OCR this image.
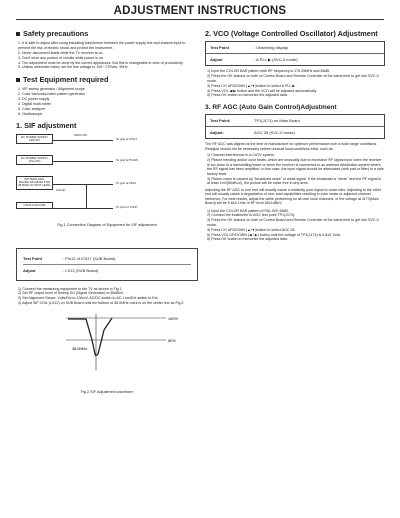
ADJUSTMENT INSTRUCTIONS
Safety precautions
1. It is safe to adjust after using insulating transformer between the power supply line and chassis input to prevent the risk of electric shock and protect the instrument.
2. Never disconnect leads while the TV receiver is on.
3. Don't short any portion of circuits while power is on.
4. The adjustment must be done by the correct appliances. But this is changeable in view of productivity.
5. Unless otherwise noted, set the line voltage to 100~ 270Vac, 50Hz.
Test Equipment required
1. VIF sweep generator / Alignment scope
2. Color bar/cross-hatch pattern generator
3. DC power supply
4. Digital multi-meter
5. Color analyzer
6. Oscilloscope
1. SIF adjustment
DC POWER SUPPLY ADJUST
DC POWER SUPPLY 12V(+5V)
PATTERN GEN. PAL/BG,DK,I38.9M 5.5M 38.9MHz OUTPUT LEVEL
OSCILLOSCOPE
10KΩ 1W
To gnd of IC517
To gnd of P1015
To gnd of 2514
0.01uF
To pin2 of IC517
Fig.1 Connection Diagram of Equipment for SIF adjustment
Test Point	: Pin12 of IC517 (SUB Board)
Adjust	: LS12 (SUB Board)
1) Connect the measuring equipment to the TV as shown in Fig.1.
2) Set RF output level of Sweep SG (Signal Generator) to 85dBuV.
3) Set Alignment Scope, Volts/Div to 100mV, AC/DC switch to AC, Line/Ext switch to Ext.
4) Adjust SIF COIL (LS12) on SUB Board until the bottom of 38.0MHz mark is on the center line as Fig.2
100%
50%
38.0MHz
Fig.2 SIF Adjustment waveform
2. VCO (Voltage Controlled Oscillator) Adjustment
Test Point	: Observing display
Adjust	: A.PLL ▶ (SVC-0 mode)
1) Input the COLOR BAR pattern with RF frequency is 175.25MHz and 65dB.
2) Press the OK buttons on both of Control Board and Remote Controller at the same time to get into SVC-0 mode.
3) Press CH UP/DOWN (▲/▼)button to select A.PLL ▶ .
4) Press VOL ◀/▶ button and the VCO will be adjusted automatically.
5) Press OK button to memorize the adjusted data.
3. RF AGC (Auto Gain Control)Adjustment
Test Point:	TP1(J173) on Main Board
Adjust:	AGC 28 (SVC-0 mode)

The RF AGC was aligned at the time of manufacture for optimum performance over a wide range conditions. Readjust should not be necessary unless unusual local conditions exist, such as:

1) Channel interference in a CATV system.
2) Picture bending and/or color beats, which are unusually due to excessive RF signal input when the receiver is too close to a transmitting tower or when the receiver is connected to an antenna distribution system where the RF signal has been amplified. In this case, the input signal should be attenuated (with pad or filter) to a safe factory level.
3) Picture noise is caused by "broadcast noise" or weak signal. If the broadcast is "clean" and the RF signal is at least 1mV(60dBuV), the picture will be noise free in any area.

Adjusting the RF AGC to one end will usually cause a relatively poor signal to noise ratio. Adjusting to the other end will usually cause a degradation of over load capabilities resulting in color beats or adjacent channel reference. For best results, adjust the while performing on all over local channels, or the voltage at J173(Main Board) will be 5.8±0.1Vdc in RF level 65±1dBuV.

1) Input the COLOR BAR pattern of PAL-B/G 65dB.
2) Connect the Multimeter to AGC test point TP1(J173).
3) Press the OK buttons on both of Control Board and Remote Controller at the same time to get into SVC-0 mode.
4) Press CH UP/DOWN (▲/▼)button to select AGC 28.
5) Press VOL UP/DOWN (◀ / ▶) button until the voltage of TP1(J173) is 5.8±0.1Vdc.
6) Press OK button to memorize the adjusted data.
